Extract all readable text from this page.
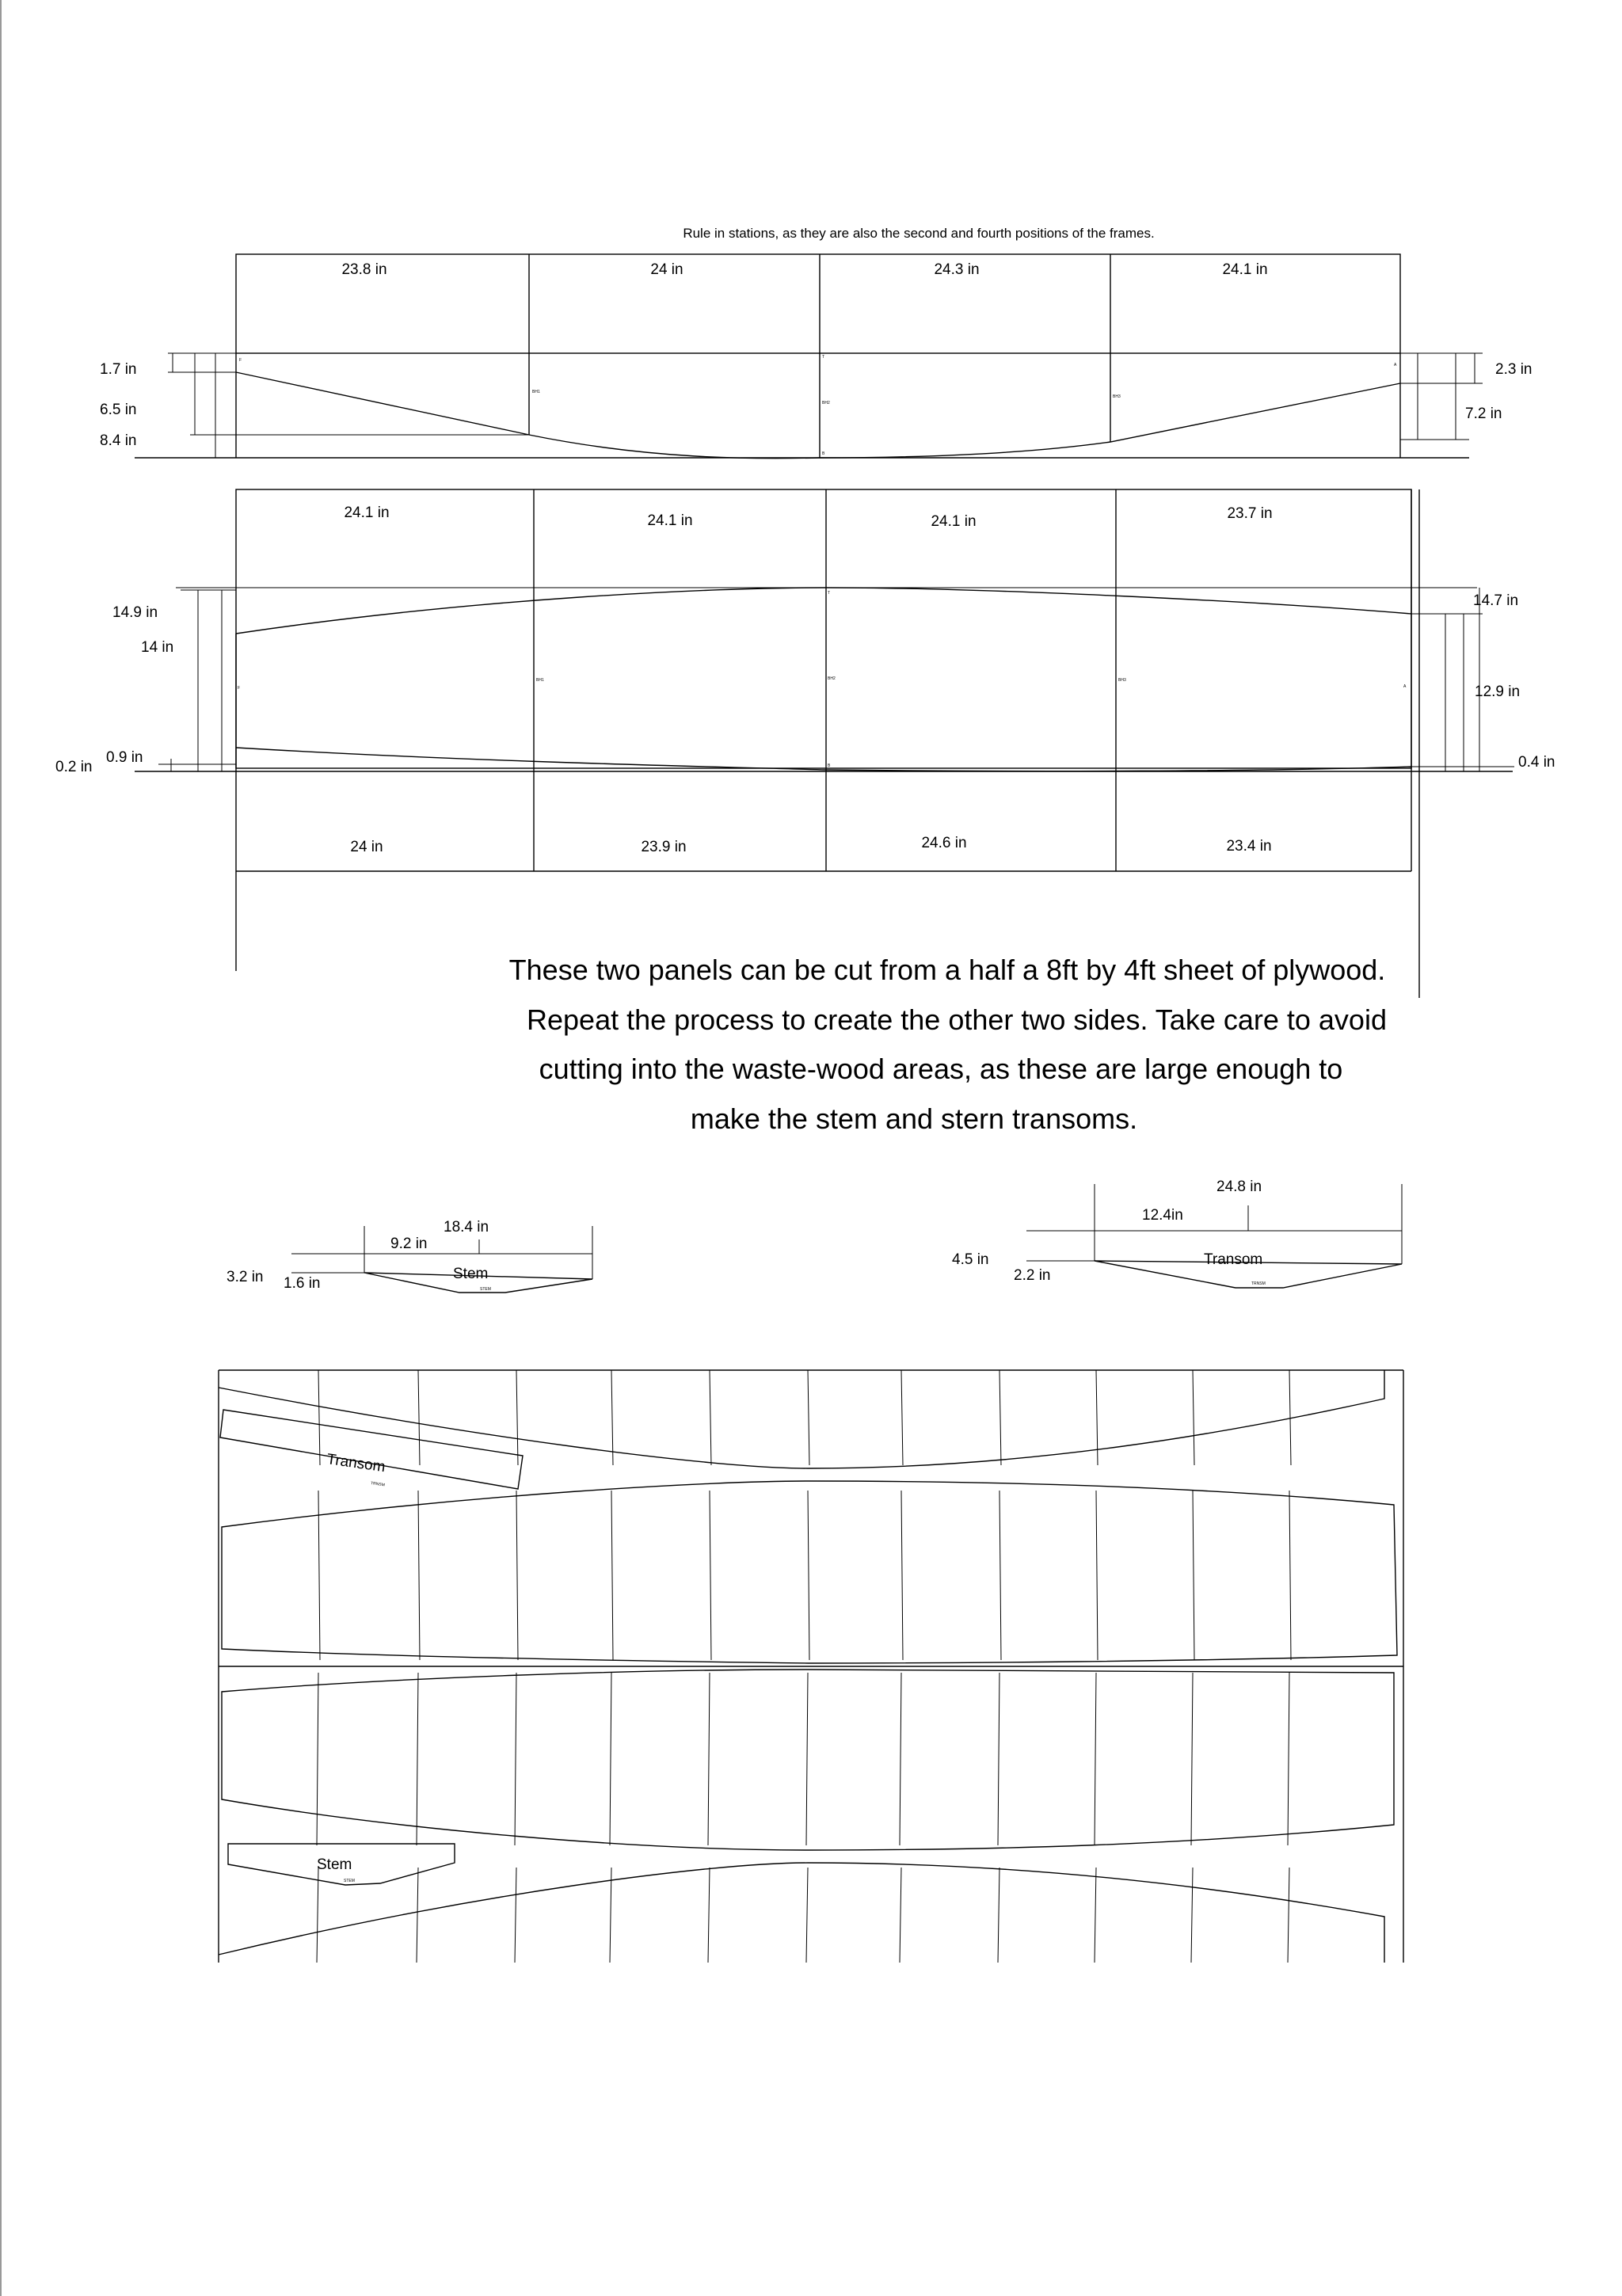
Rule in stations, as they are also the second and fourth positions of the frames.
23.8 in	24 in	24.3 in	24.1 in
1.7 in
6.5 in
8.4 in
2.3 in
7.2 in
F
BH1
T
BH2
B
BH3
A
24.1 in	24.1 in	24.1 in	23.7 in
24 in	23.9 in	24.6 in	23.4 in
14.9 in
14 in
0.9 in
0.2 in
14.7 in
12.9 in
0.4 in
F
BH1
T
BH2
B
BH3
A
These two panels can be cut from a half a 8ft by 4ft sheet of plywood.
Repeat the process to create the other two sides. Take care to avoid
cutting into the waste-wood areas, as these are large enough to
make the stem and stern transoms.
18.4 in
9.2 in
3.2 in 1.6 in
Stem
STEM
24.8 in
12.4in
4.5 in
2.2 in
Transom
TRNSM
Transom
TRNSM
Stem
STEM
